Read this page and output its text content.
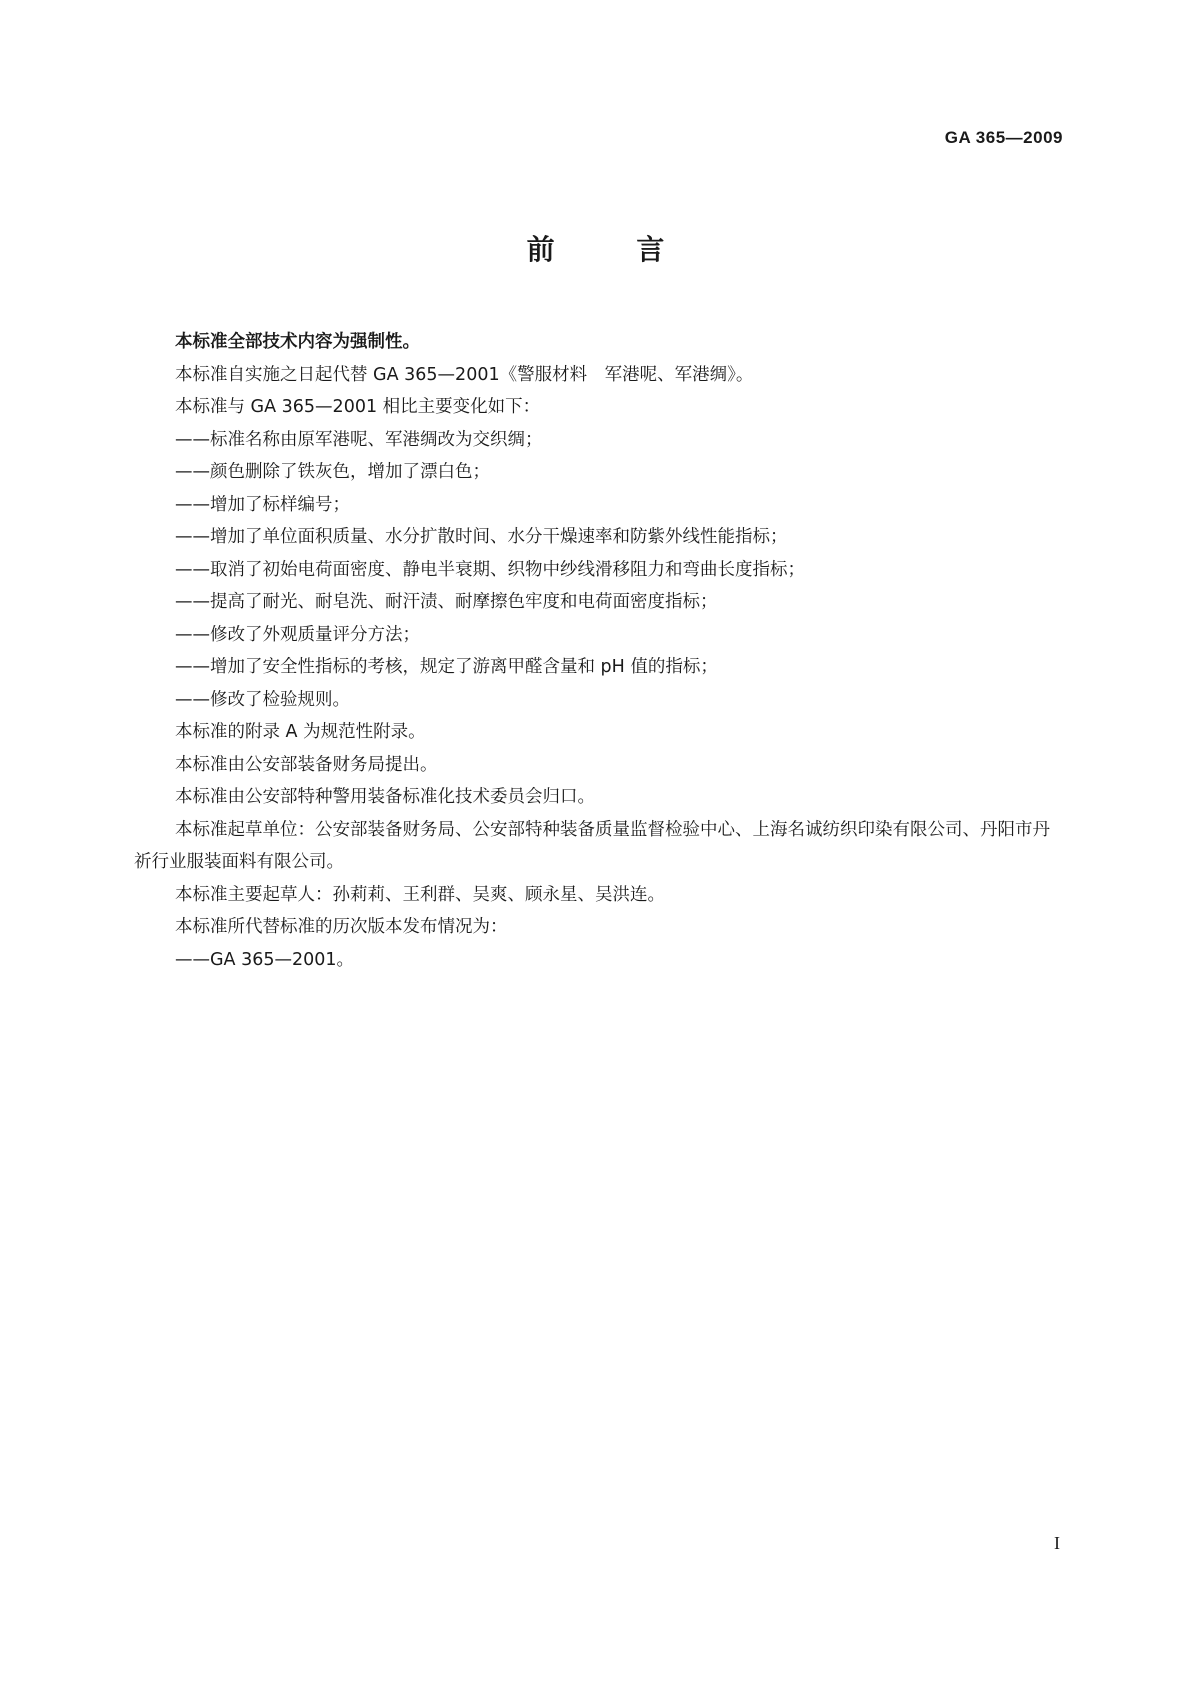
GA 365—2009
前 言

本标准全部技术内容为强制性。

本标准自实施之日起代替 GA 365—2001《警服材料　军港呢、军港绸》。

本标准与 GA 365—2001 相比主要变化如下：

——标准名称由原军港呢、军港绸改为交织绸；

——颜色删除了铁灰色，增加了漂白色；

——增加了标样编号；

——增加了单位面积质量、水分扩散时间、水分干燥速率和防紫外线性能指标；

——取消了初始电荷面密度、静电半衰期、织物中纱线滑移阻力和弯曲长度指标；

——提高了耐光、耐皂洗、耐汗渍、耐摩擦色牢度和电荷面密度指标；

——修改了外观质量评分方法；

——增加了安全性指标的考核，规定了游离甲醛含量和 pH 值的指标；

——修改了检验规则。

本标准的附录 A 为规范性附录。

本标准由公安部装备财务局提出。

本标准由公安部特种警用装备标准化技术委员会归口。

本标准起草单位：公安部装备财务局、公安部特种装备质量监督检验中心、上海名诚纺织印染有限公司、丹阳市丹祈行业服装面料有限公司。

本标准主要起草人：孙莉莉、王利群、吴爽、顾永星、吴洪连。

本标准所代替标准的历次版本发布情况为：

——GA 365—2001。

I
